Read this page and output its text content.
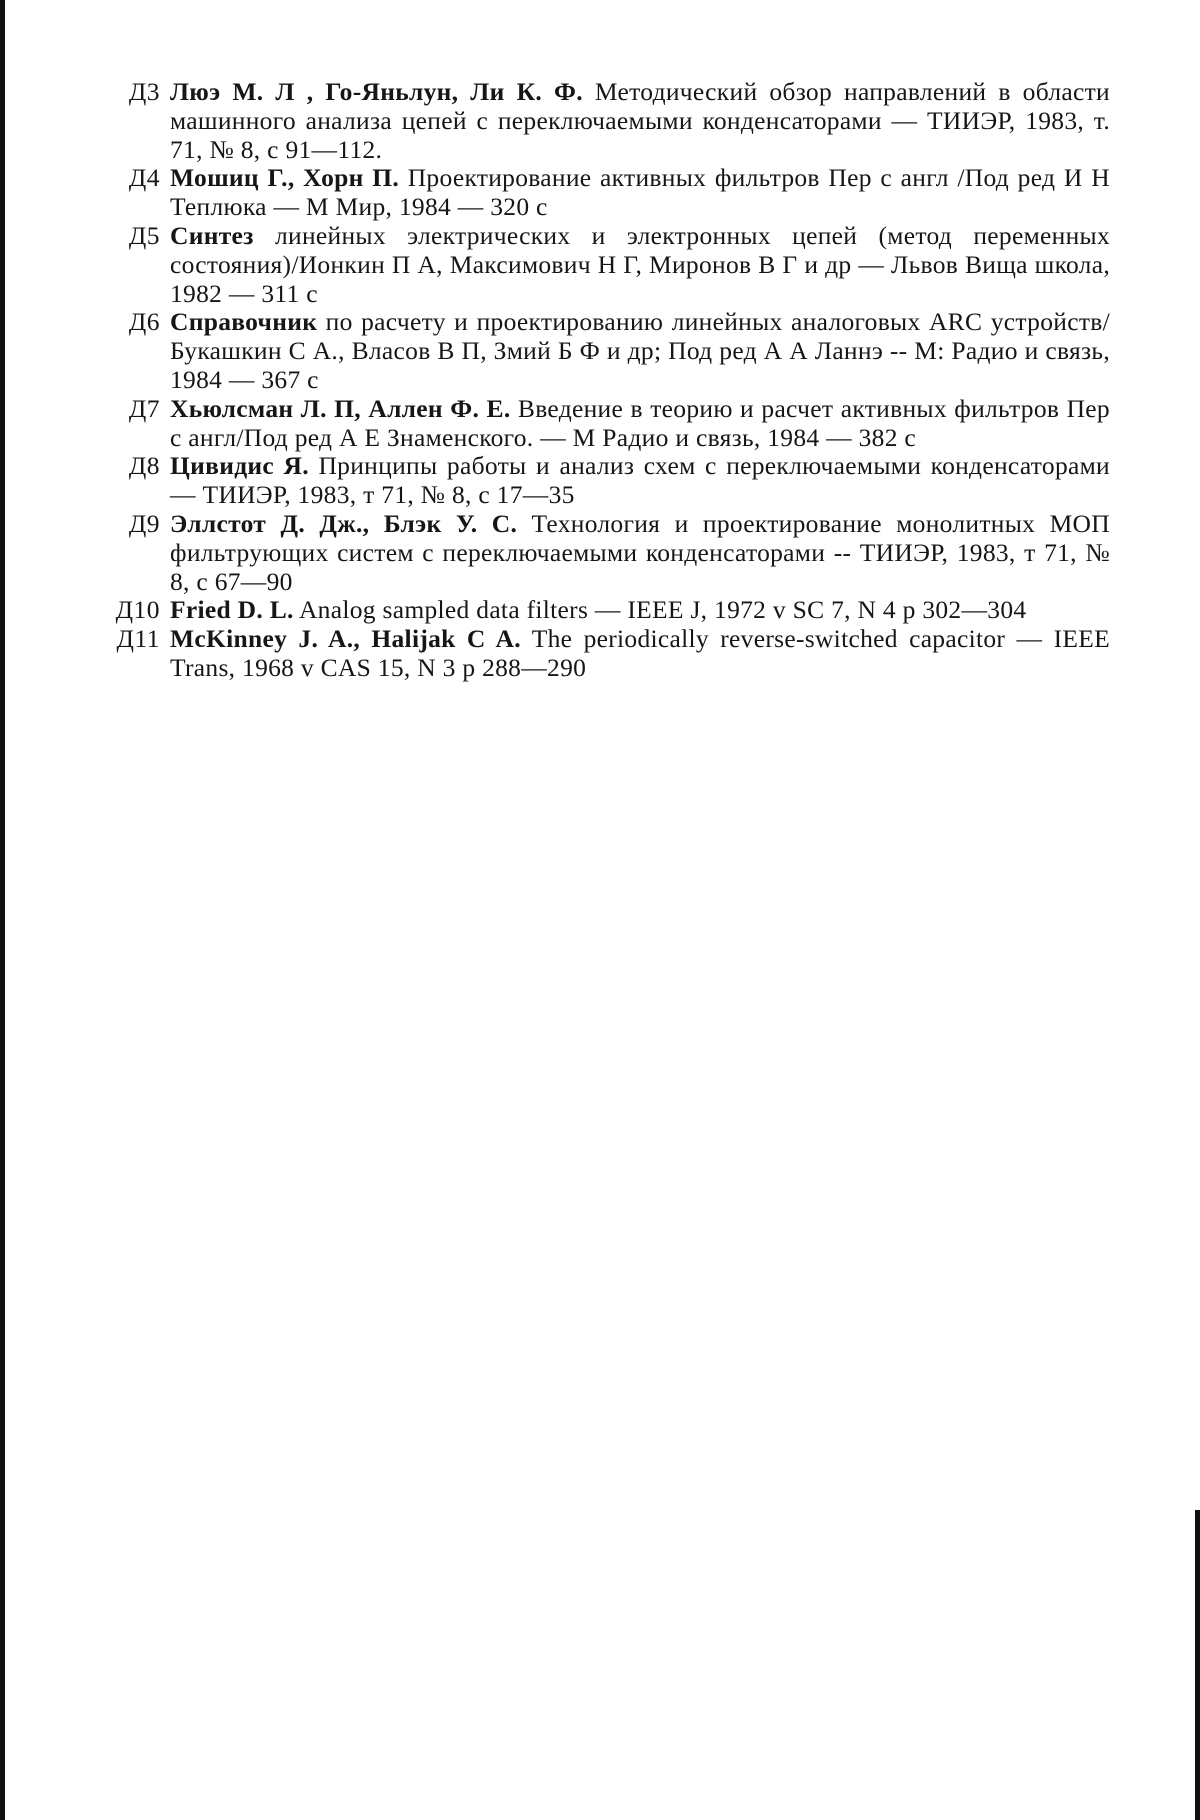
Д3 Люэ М. Л , Го-Яньлун, Ли К. Ф. Методический обзор направлений в области машинного анализа цепей с переключаемыми конденсаторами — ТИИЭР, 1983, т. 71, № 8, с 91—112.
Д4 Мошиц Г., Хорн П. Проектирование активных фильтров Пер с англ /Под ред И Н Теплюка — М Мир, 1984 — 320 с
Д5 Синтез линейных электрических и электронных цепей (метод переменных состояния)/Ионкин П А, Максимович Н Г, Миронов В Г и др — Львов Вища школа, 1982 — 311 с
Д6 Справочник по расчету и проектированию линейных аналоговых ARC устройств/Букашкин С А., Власов В П, Змий Б Ф и др; Под ред А А Ланнэ -- М: Радио и связь, 1984 — 367 с
Д7 Хьюлсман Л. П, Аллен Ф. Е. Введение в теорию и расчет активных фильтров Пер с англ/Под ред А Е Знаменского. — М Радио и связь, 1984 — 382 с
Д8 Цивидис Я. Принципы работы и анализ схем с переключаемыми конденсаторами — ТИИЭР, 1983, т 71, № 8, с 17—35
Д9 Эллстот Д. Дж., Блэк У. С. Технология и проектирование монолитных МОП фильтрующих систем с переключаемыми конденсаторами -- ТИИЭР, 1983, т 71, № 8, с 67—90
Д10 Fried D. L. Analog sampled data filters — IEEE J, 1972 v SC 7, N 4 p 302—304
Д11 McKinney J. A., Halijak C A. The periodically reverse-switched capacitor — IEEE Trans, 1968 v CAS 15, N 3 p 288—290
